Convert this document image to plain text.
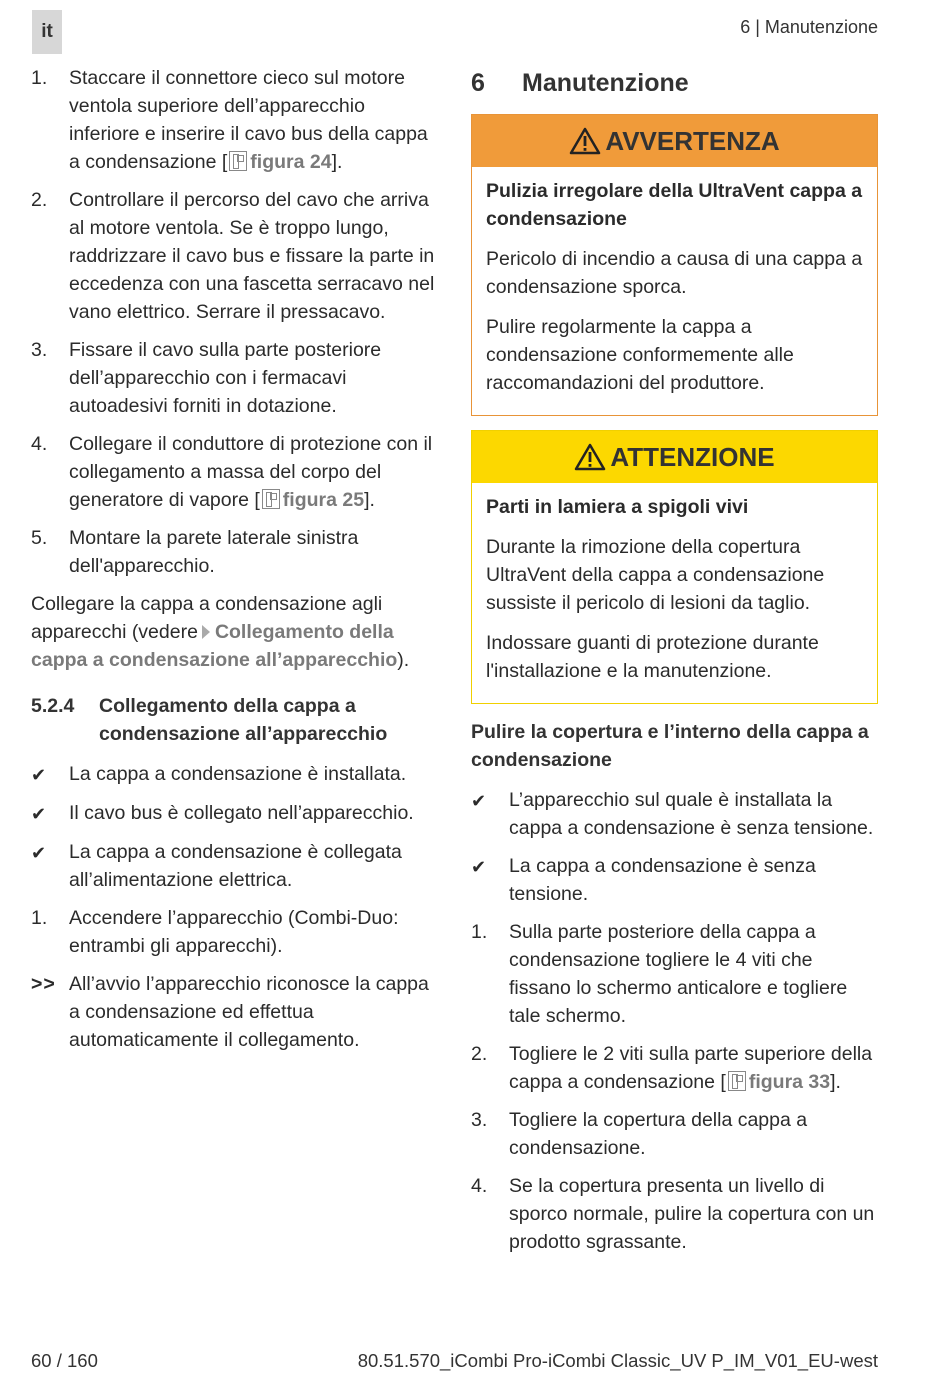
it	6 | Manutenzione
1.	Staccare il connettore cieco sul motore ventola superiore dell’apparecchio inferiore e inserire il cavo bus della cappa a condensazione [ figura 24].
2.	Controllare il percorso del cavo che arriva al motore ventola. Se è troppo lungo, raddrizzare il cavo bus e fissare la parte in eccedenza con una fascetta serracavo nel vano elettrico. Serrare il pressacavo.
3.	Fissare il cavo sulla parte posteriore dell’apparecchio con i fermacavi autoadesivi forniti in dotazione.
4.	Collegare il conduttore di protezione con il collegamento a massa del corpo del generatore di vapore [ figura 25].
5.	Montare la parete laterale sinistra dell'apparecchio.
Collegare la cappa a condensazione agli apparecchi (vedere Collegamento della cappa a condensazione all’apparecchio).
5.2.4	Collegamento della cappa a condensazione all’apparecchio
✔	La cappa a condensazione è installata.
✔	Il cavo bus è collegato nell’apparecchio.
✔	La cappa a condensazione è collegata all’alimentazione elettrica.
1.	Accendere l’apparecchio (Combi-Duo: entrambi gli apparecchi).
>> All’avvio l’apparecchio riconosce la cappa a condensazione ed effettua automaticamente il collegamento.
6	Manutenzione
AVVERTENZA
Pulizia irregolare della UltraVent cappa a condensazione
Pericolo di incendio a causa di una cappa a condensazione sporca.
Pulire regolarmente la cappa a condensazione conformemente alle raccomandazioni del produttore.
ATTENZIONE
Parti in lamiera a spigoli vivi
Durante la rimozione della copertura UltraVent della cappa a condensazione sussiste il pericolo di lesioni da taglio.
Indossare guanti di protezione durante l'installazione e la manutenzione.
Pulire la copertura e l’interno della cappa a condensazione
✔	L’apparecchio sul quale è installata la cappa a condensazione è senza tensione.
✔	La cappa a condensazione è senza tensione.
1.	Sulla parte posteriore della cappa a condensazione togliere le 4 viti che fissano lo schermo anticalore e togliere tale schermo.
2.	Togliere le 2 viti sulla parte superiore della cappa a condensazione [ figura 33].
3.	Togliere la copertura della cappa a condensazione.
4.	Se la copertura presenta un livello di sporco normale, pulire la copertura con un prodotto sgrassante.
60 / 160	80.51.570_iCombi Pro-iCombi Classic_UV P_IM_V01_EU-west
